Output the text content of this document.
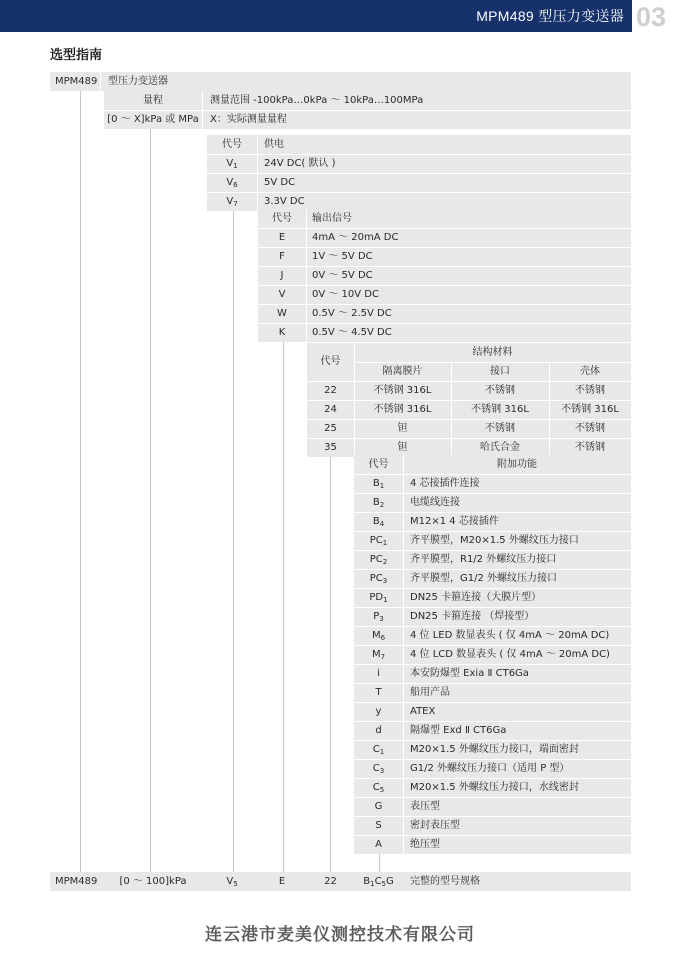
MPM489 型压力变送器 03
选型指南
MPM489 型压力变送器
量程	测量范围 -100kPa…0kPa ～ 10kPa…100MPa
[0 ～ X]kPa 或 MPa	X：实际测量量程
代号	供电
$V_1$	24V DC( 默认 )
$V_6$	5V DC
$V_7$	3.3V DC
代号	输出信号
E	4mA ～ 20mA DC
F	1V ～ 5V DC
J	0V ～ 5V DC
V	0V ～ 10V DC
W	0.5V ～ 2.5V DC
K	0.5V ～ 4.5V DC
代号
结构材料
隔离膜片	接口	壳体
22	不锈钢 316L	不锈钢	不锈钢
24	不锈钢 316L	不锈钢 316L	不锈钢 316L
25	钽	不锈钢	不锈钢
35	钽	哈氏合金	不锈钢
代号	附加功能
$B_1$	4 芯接插件连接
$B_2$	电缆线连接
$B_4$	M12×1 4 芯接插件
$PC_1$	齐平膜型，M20×1.5 外螺纹压力接口
$PC_2$	齐平膜型，R1/2 外螺纹压力接口
$PC_3$	齐平膜型，G1/2 外螺纹压力接口
$PD_1$	DN25 卡箍连接（大膜片型）
$P_3$	DN25 卡箍连接 （焊接型）
$M_6$	4 位 LED 数显表头 ( 仅 4mA ～ 20mA DC)
$M_7$	4 位 LCD 数显表头 ( 仅 4mA ～ 20mA DC)
i	本安防爆型 Exia Ⅱ CT6Ga
T	船用产品
y	ATEX
d	隔爆型 Exd Ⅱ CT6Ga
$C_1$	M20×1.5 外螺纹压力接口，端面密封
$C_3$	G1/2 外螺纹压力接口（适用 P 型）
$C_5$	M20×1.5 外螺纹压力接口，水线密封
G	表压型
S	密封表压型
A	绝压型
MPM489	[0 ～ 100]kPa	$V_5$	E	22	$B_1C_5G$	完整的型号规格
连云港市麦美仪测控技术有限公司
